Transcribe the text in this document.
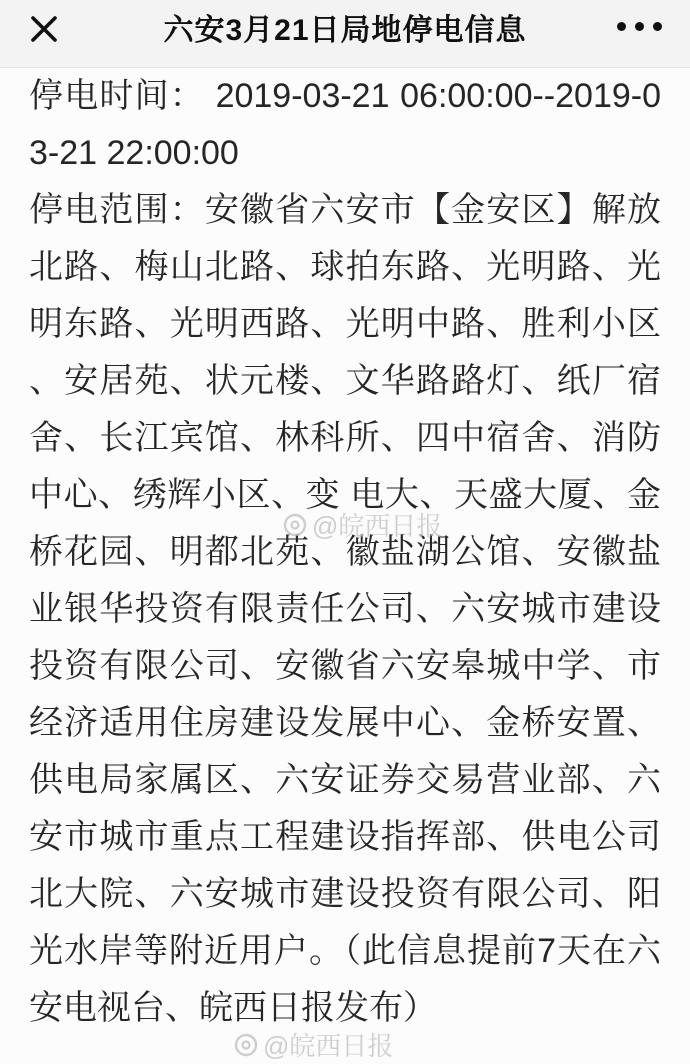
六安3月21日局地停电信息

停电时间： 2019-03-21 06:00:00--2019-03-21 22:00:00

停电范围：安徽省六安市【金安区】解放北路、梅山北路、球拍东路、光明路、光明东路、光明西路、光明中路、胜利小区、安居苑、状元楼、文华路路灯、纸厂宿舍、长江宾馆、林科所、四中宿舍、消防中心、绣辉小区、变 电大、天盛大厦、金桥花园、明都北苑、徽盐湖公馆、安徽盐业银华投资有限责任公司、六安城市建设投资有限公司、安徽省六安皋城中学、市经济适用住房建设发展中心、金桥安置、供电局家属区、六安证券交易营业部、六安市城市重点工程建设指挥部、供电公司北大院、六安城市建设投资有限公司、阳光水岸等附近用户。（此信息提前7天在六安电视台、皖西日报发布）

@皖西日报
@皖西日报
